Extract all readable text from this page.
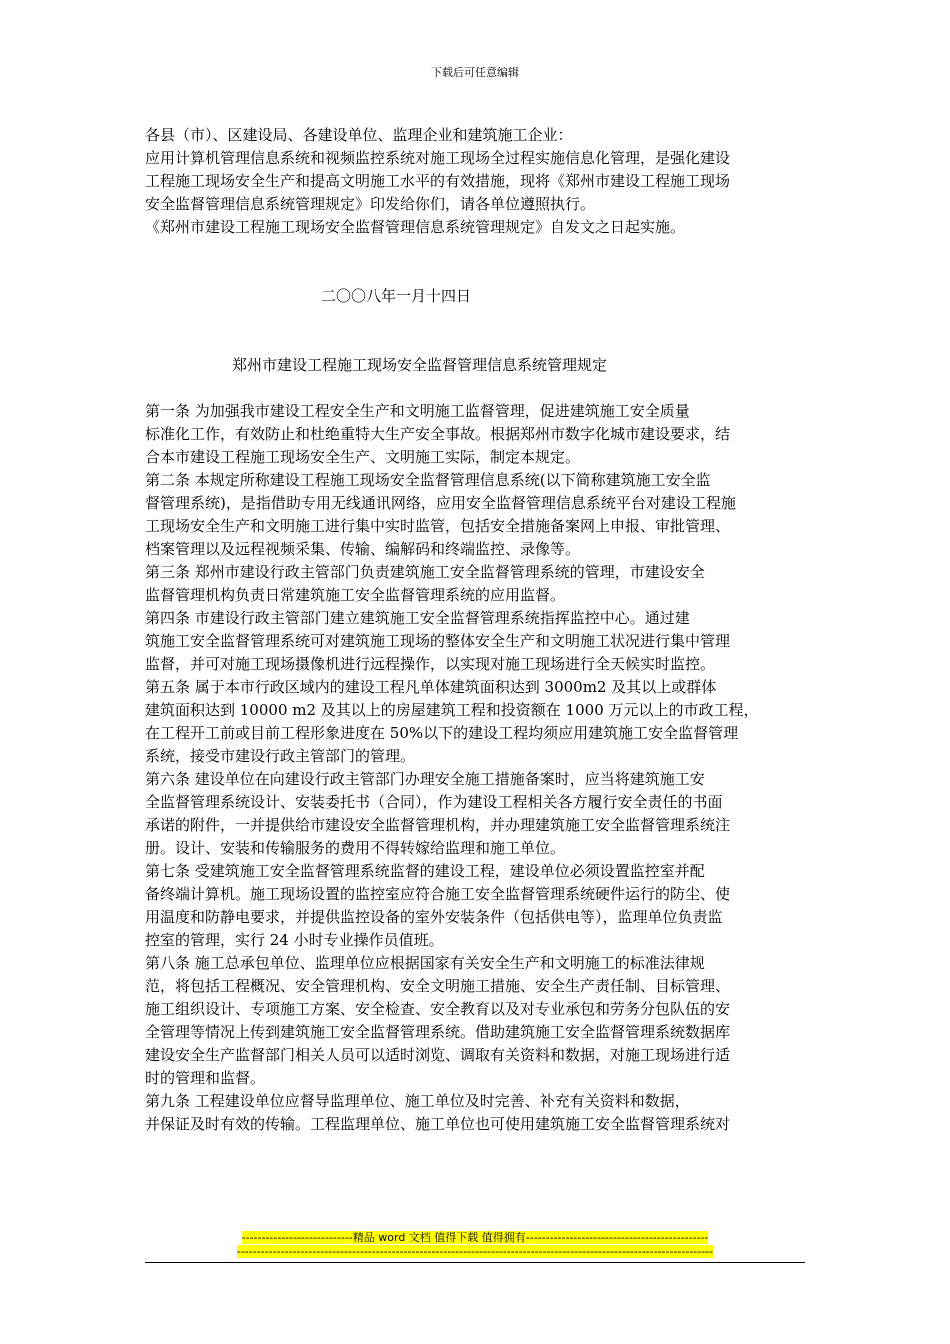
下载后可任意编辑
各县（市）、区建设局、各建设单位、监理企业和建筑施工企业：
应用计算机管理信息系统和视频监控系统对施工现场全过程实施信息化管理，是强化建设
工程施工现场安全生产和提高文明施工水平的有效措施，现将《郑州市建设工程施工现场
安全监督管理信息系统管理规定》印发给你们，请各单位遵照执行。
《郑州市建设工程施工现场安全监督管理信息系统管理规定》自发文之日起实施。
二〇〇八年一月十四日
郑州市建设工程施工现场安全监督管理信息系统管理规定
第一条 为加强我市建设工程安全生产和文明施工监督管理，促进建筑施工安全质量
标准化工作，有效防止和杜绝重特大生产安全事故。根据郑州市数字化城市建设要求，结
合本市建设工程施工现场安全生产、文明施工实际，制定本规定。
第二条 本规定所称建设工程施工现场安全监督管理信息系统(以下简称建筑施工安全监
督管理系统)，是指借助专用无线通讯网络，应用安全监督管理信息系统平台对建设工程施
工现场安全生产和文明施工进行集中实时监管，包括安全措施备案网上申报、审批管理、
档案管理以及远程视频采集、传输、编解码和终端监控、录像等。
第三条 郑州市建设行政主管部门负责建筑施工安全监督管理系统的管理，市建设安全
监督管理机构负责日常建筑施工安全监督管理系统的应用监督。
第四条 市建设行政主管部门建立建筑施工安全监督管理系统指挥监控中心。通过建
筑施工安全监督管理系统可对建筑施工现场的整体安全生产和文明施工状况进行集中管理
监督，并可对施工现场摄像机进行远程操作，以实现对施工现场进行全天候实时监控。
第五条 属于本市行政区域内的建设工程凡单体建筑面积达到 3000m2 及其以上或群体
建筑面积达到 10000 m2 及其以上的房屋建筑工程和投资额在 1000 万元以上的市政工程，
在工程开工前或目前工程形象进度在 50%以下的建设工程均须应用建筑施工安全监督管理
系统，接受市建设行政主管部门的管理。
第六条 建设单位在向建设行政主管部门办理安全施工措施备案时，应当将建筑施工安
全监督管理系统设计、安装委托书（合同），作为建设工程相关各方履行安全责任的书面
承诺的附件，一并提供给市建设安全监督管理机构，并办理建筑施工安全监督管理系统注
册。设计、安装和传输服务的费用不得转嫁给监理和施工单位。
第七条 受建筑施工安全监督管理系统监督的建设工程，建设单位必须设置监控室并配
备终端计算机。施工现场设置的监控室应符合施工安全监督管理系统硬件运行的防尘、使
用温度和防静电要求，并提供监控设备的室外安装条件（包括供电等），监理单位负责监
控室的管理，实行 24 小时专业操作员值班。
第八条 施工总承包单位、监理单位应根据国家有关安全生产和文明施工的标准法律规
范，将包括工程概况、安全管理机构、安全文明施工措施、安全生产责任制、目标管理、
施工组织设计、专项施工方案、安全检查、安全教育以及对专业承包和劳务分包队伍的安
全管理等情况上传到建筑施工安全监督管理系统。借助建筑施工安全监督管理系统数据库
建设安全生产监督部门相关人员可以适时浏览、调取有关资料和数据，对施工现场进行适
时的管理和监督。
第九条 工程建设单位应督导监理单位、施工单位及时完善、补充有关资料和数据，
并保证及时有效的传输。工程监理单位、施工单位也可使用建筑施工安全监督管理系统对
----------------------------精品 word 文档 值得下载 值得拥有----------------------------------------------
------------------------------------------------------------------------------------------------------------------------
